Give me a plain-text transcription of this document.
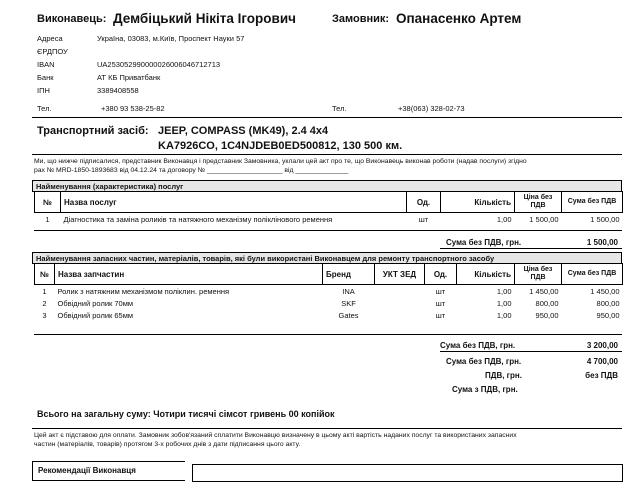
Виконавець: Дембіцький Нікіта Ігорович	Замовник: Опанасенко Артем
Адреса	Україна, 03083, м.Київ, Проспект Науки 57
ЄРДПОУ
IBAN	UA253052990000026006046712713
Банк	АТ КБ Приватбанк
ІПН	3389408558
Тел.	+380 93 538-25-82	Тел.	+38(063) 328-02-73
Транспортний засіб: JEEP, COMPASS (MK49), 2.4 4x4
KA7926CO, 1C4NJDEB0ED500812, 130 500 км.
Ми, що нижче підписалися, представник Виконавця і представник Замовника, уклали цей акт про те, що Виконавець виконав роботи (надав послуги) згідно
рах № MRD-1850-1893683 від 04.12.24 та договору № ____________________ від ______________
Найменування (характеристика) послуг
№	Назва послуг	Од.	Кількість	Ціна без ПДВ	Сума без ПДВ
1	Діагностика та заміна роликів та натяжного механізму поліклінового ремення	шт	1,00	1 500,00	1 500,00
Сума без ПДВ, грн.	1 500,00
Найменування запасних частин, матеріалів, товарів, які були використані Виконавцем для ремонту транспортного засобу
№	Назва запчастин	Бренд	УКТ ЗЕД	Од.	Кількість	Ціна без ПДВ	Сума без ПДВ
1	Ролик з натяжним механізмом поліклин. ремення	INA		шт	1,00	1 450,00	1 450,00
2	Обвідний ролик 70мм	SKF		шт	1,00	800,00	800,00
3	Обвідний ролик 65мм	Gates		шт	1,00	950,00	950,00
Сума без ПДВ, грн.	3 200,00
Сума без ПДВ, грн.	4 700,00
ПДВ, грн.	без ПДВ
Сума з ПДВ, грн.
Всього на загальну суму: Чотири тисячі сімсот гривень 00 копійок
Цей акт є підставою для оплати. Замовник зобов'язаний сплатити Виконавцю визначену в цьому акті вартість наданих послуг та використаних запасних
частин (матеріалів, товарів) протягом 3-х робочих днів з дати підписання цього акту.
Рекомендації Виконавця
